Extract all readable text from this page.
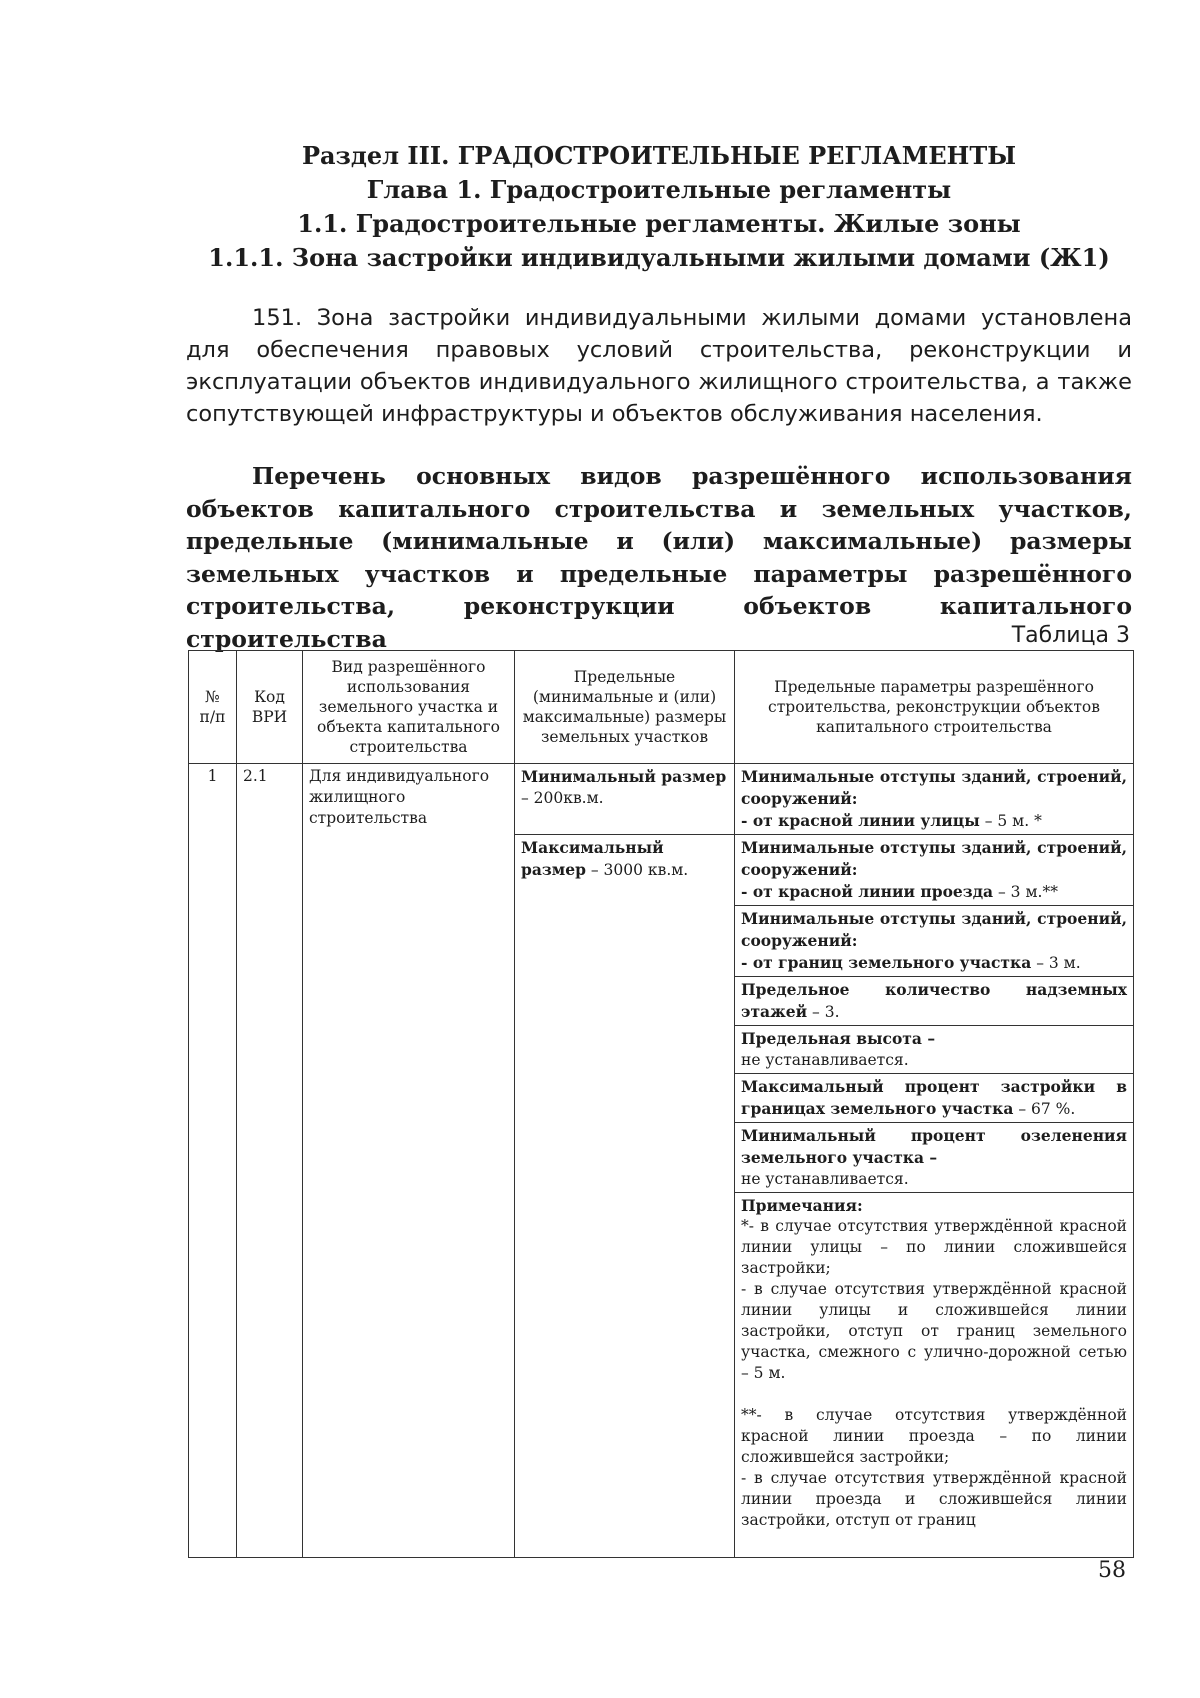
Раздел III. ГРАДОСТРОИТЕЛЬНЫЕ РЕГЛАМЕНТЫ

Глава 1. Градостроительные регламенты

1.1. Градостроительные регламенты. Жилые зоны

1.1.1. Зона застройки индивидуальными жилыми домами (Ж1)

151. Зона застройки индивидуальными жилыми домами установлена для обеспечения правовых условий строительства, реконструкции и эксплуатации объектов индивидуального жилищного строительства, а также сопутствующей инфраструктуры и объектов обслуживания населения.

Перечень основных видов разрешённого использования объектов капитального строительства и земельных участков, предельные (минимальные и (или) максимальные) размеры земельных участков и предельные параметры разрешённого строительства, реконструкции объектов капитального строительства	Таблица 3
№ п/п	Код ВРИ	Вид разрешённого использования земельного участка и объекта капитального строительства	Предельные (минимальные и (или) максимальные) размеры земельных участков	Предельные параметры разрешённого строительства, реконструкции объектов капитального строительства
1	2.1	Для индивидуального жилищного строительства	Минимальный размер – 200кв.м.	Минимальные отступы зданий, строений, сооружений:
- от красной линии улицы – 5 м. *
			Максимальный размер – 3000 кв.м.	Минимальные отступы зданий, строений, сооружений:
- от красной линии проезда – 3 м.**
				Минимальные отступы зданий, строений, сооружений:
- от границ земельного участка – 3 м.
				Предельное количество надземных этажей – 3.
				Предельная высота –
не устанавливается.
				Максимальный процент застройки в границах земельного участка – 67 %.
				Минимальный процент озеленения земельного участка –
не устанавливается.

				Примечания:
*- в случае отсутствия утверждённой красной линии улицы – по линии сложившейся застройки;
- в случае отсутствия утверждённой красной линии улицы и сложившейся линии застройки, отступ от границ земельного участка, смежного с улично-дорожной сетью – 5 м.
**- в случае отсутствия утверждённой красной линии проезда – по линии сложившейся застройки;
- в случае отсутствия утверждённой красной линии проезда и сложившейся линии застройки, отступ от границ
58
